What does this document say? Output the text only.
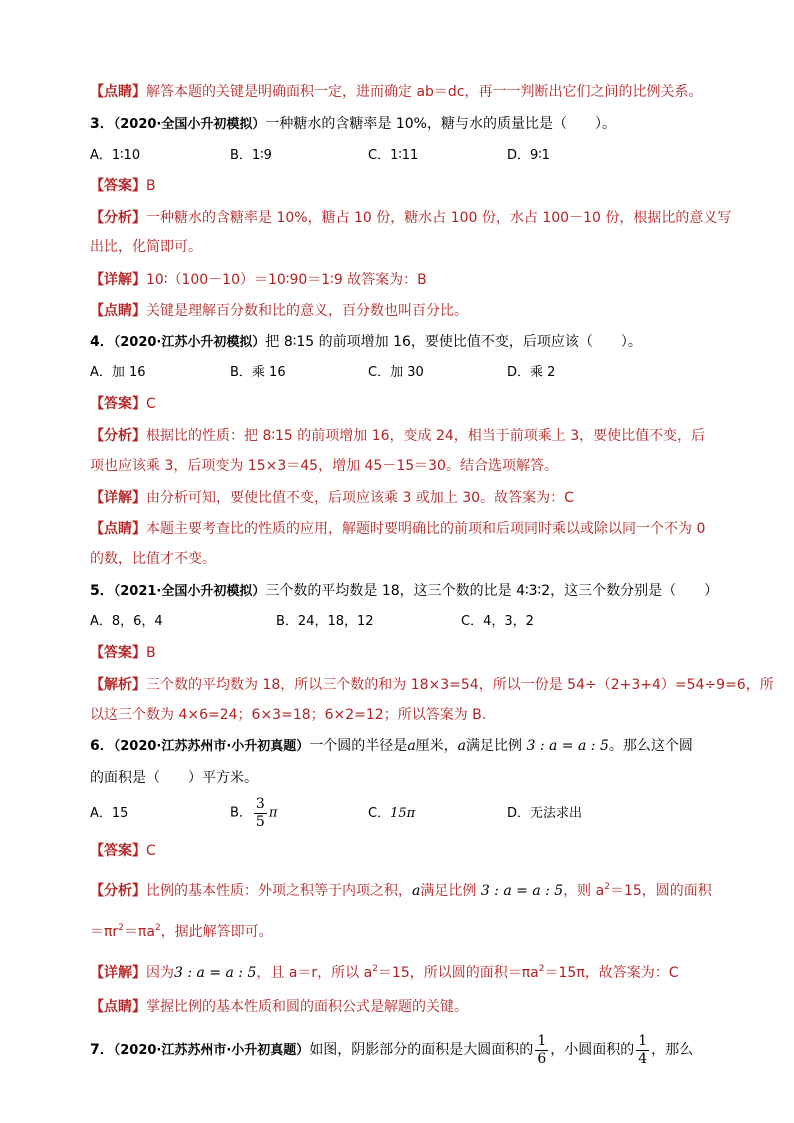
【点睛】解答本题的关键是明确面积一定，进而确定 ab＝dc，再一一判断出它们之间的比例关系。
3．（2020·全国小升初模拟）一种糖水的含糖率是 10%，糖与水的质量比是（　　）。
A．1∶10	B．1∶9	C．1∶11	D．9∶1
【答案】B
【分析】一种糖水的含糖率是 10%，糖占 10 份，糖水占 100 份，水占 100－10 份，根据比的意义写
出比，化简即可。
【详解】10∶（100－10）＝10∶90＝1∶9 故答案为：B
【点睛】关键是理解百分数和比的意义，百分数也叫百分比。
4．（2020·江苏小升初模拟）把 8∶15 的前项增加 16，要使比值不变，后项应该（　　）。
A．加 16	B．乘 16	C．加 30	D．乘 2
【答案】C
【分析】根据比的性质：把 8∶15 的前项增加 16，变成 24，相当于前项乘上 3，要使比值不变，后
项也应该乘 3，后项变为 15×3＝45，增加 45－15＝30。结合选项解答。
【详解】由分析可知，要使比值不变，后项应该乘 3 或加上 30。故答案为：C
【点睛】本题主要考查比的性质的应用，解题时要明确比的前项和后项同时乘以或除以同一个不为 0
的数，比值才不变。
5．（2021·全国小升初模拟）三个数的平均数是 18，这三个数的比是 4∶3∶2，这三个数分别是（　　）
A．8，6，4	B．24，18，12	C．4，3，2
【答案】B
【解析】三个数的平均数为 18，所以三个数的和为 18×3=54，所以一份是 54÷（2+3+4）=54÷9=6，所
以这三个数为 4×6=24；6×3=18；6×2=12；所以答案为 B.
6．（2020·江苏苏州市·小升初真题）一个圆的半径是a厘米，a满足比例 3 : a = a : 5。那么这个圆
的面积是（　　）平方米。
A．15	B． $\frac{3}{5}$ π	C．15π	D．无法求出
【答案】C
【分析】比例的基本性质：外项之积等于内项之积，a满足比例 3 : a = a : 5，则 $a^2=15$，圆的面积
$=\pi r^2=\pi a^2$，据此解答即可。
【详解】因为3 : a = a : 5，且 a＝r，所以 $a^2=15$，所以圆的面积$=\pi a^2=15\pi$，故答案为：C
【点睛】掌握比例的基本性质和圆的面积公式是解题的关键。
7．（2020·江苏苏州市·小升初真题）如图，阴影部分的面积是大圆面积的 $\frac{1}{6}$ ，小圆面积的 $\frac{1}{4}$ ，那么
